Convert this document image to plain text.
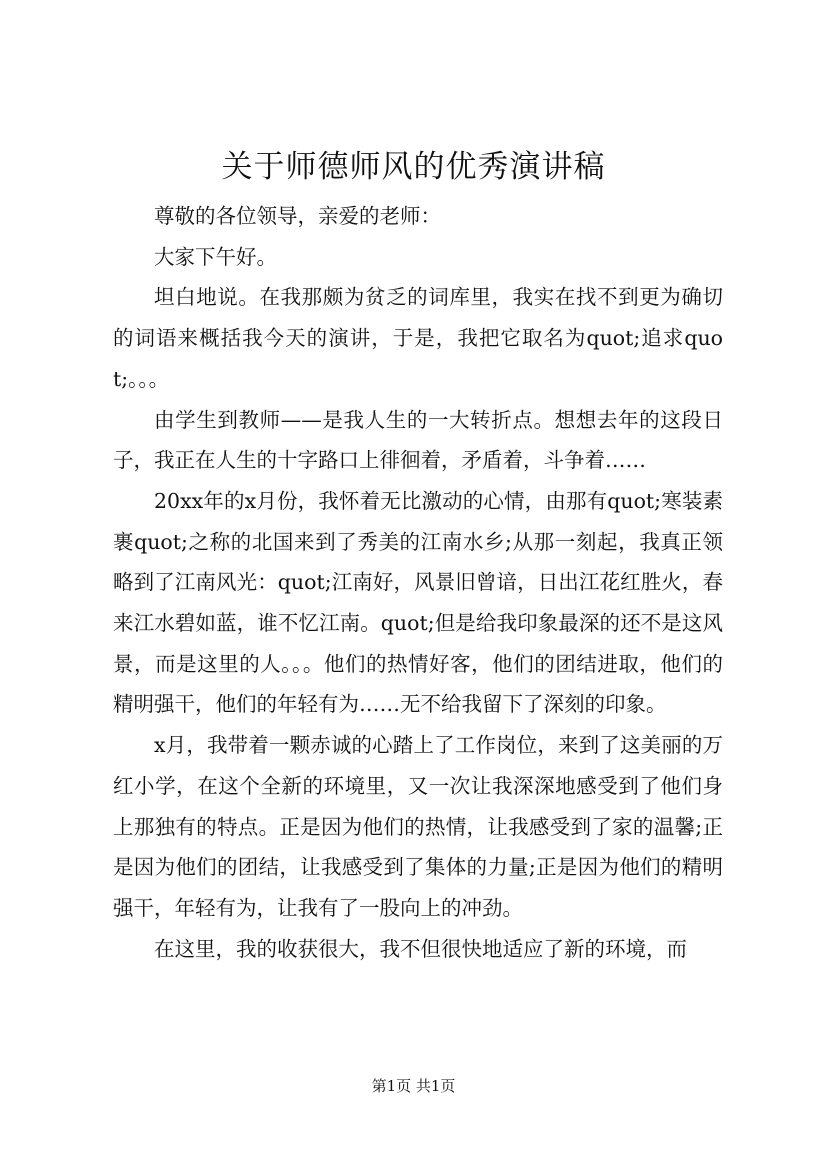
关于师德师风的优秀演讲稿

尊敬的各位领导，亲爱的老师：

大家下午好。

坦白地说。在我那颇为贫乏的词库里，我实在找不到更为确切的词语来概括我今天的演讲，于是，我把它取名为quot;追求quot;。。。

由学生到教师——是我人生的一大转折点。想想去年的这段日子，我正在人生的十字路口上徘徊着，矛盾着，斗争着……

20xx年的x月份，我怀着无比激动的心情，由那有quot;寒装素裹quot;之称的北国来到了秀美的江南水乡;从那一刻起，我真正领略到了江南风光：quot;江南好，风景旧曾谙，日出江花红胜火，春来江水碧如蓝，谁不忆江南。quot;但是给我印象最深的还不是这风景，而是这里的人。。。他们的热情好客，他们的团结进取，他们的精明强干，他们的年轻有为……无不给我留下了深刻的印象。

x月，我带着一颗赤诚的心踏上了工作岗位，来到了这美丽的万红小学，在这个全新的环境里，又一次让我深深地感受到了他们身上那独有的特点。正是因为他们的热情，让我感受到了家的温馨;正是因为他们的团结，让我感受到了集体的力量;正是因为他们的精明强干，年轻有为，让我有了一股向上的冲劲。

在这里，我的收获很大，我不但很快地适应了新的环境，而

第1页 共1页
